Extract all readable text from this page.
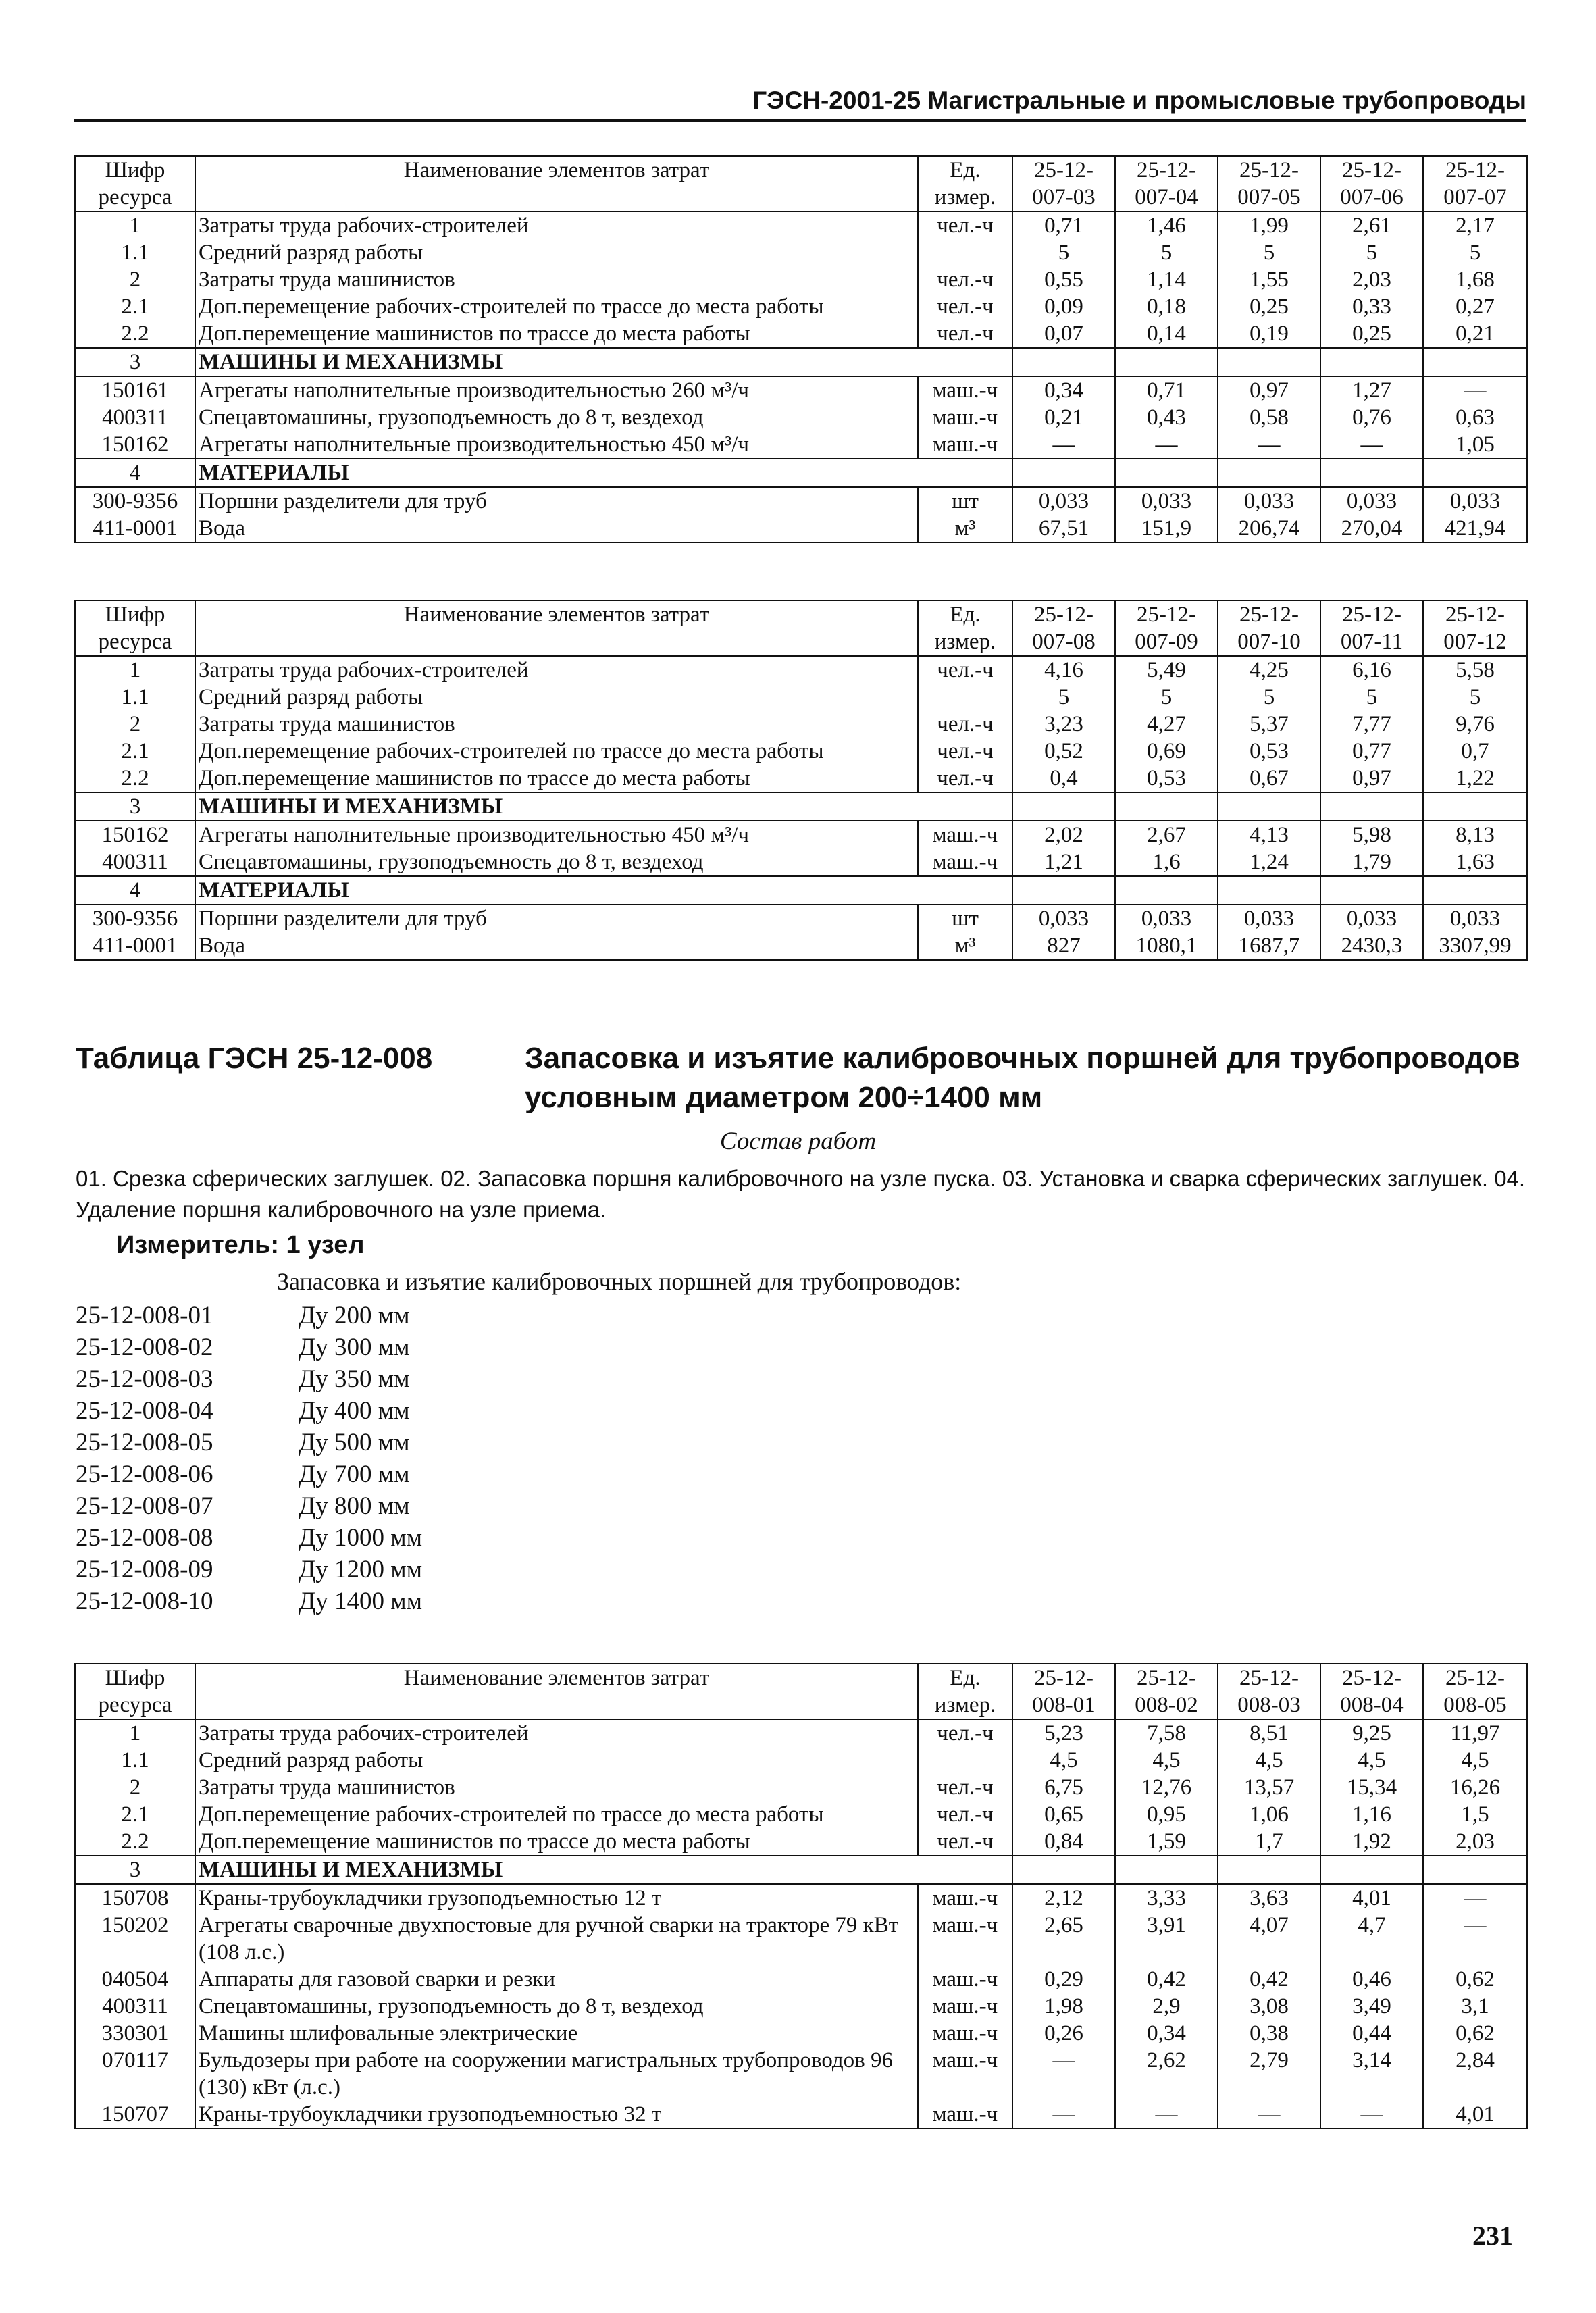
ГЭСН-2001-25 Магистральные и промысловые трубопроводы
Шифр ресурса	Наименование элементов затрат	Ед. измер.	25-12-007-03	25-12-007-04	25-12-007-05	25-12-007-06	25-12-007-07
1	Затраты труда рабочих-строителей	чел.-ч	0,71	1,46	1,99	2,61	2,17
1.1	Средний разряд работы		5	5	5	5	5
2	Затраты труда машинистов	чел.-ч	0,55	1,14	1,55	2,03	1,68
2.1	Доп.перемещение рабочих-строителей по трассе до места работы	чел.-ч	0,09	0,18	0,25	0,33	0,27
2.2	Доп.перемещение машинистов по трассе до места работы	чел.-ч	0,07	0,14	0,19	0,25	0,21
3	МАШИНЫ И МЕХАНИЗМЫ						
150161	Агрегаты наполнительные производительностью 260 м³/ч	маш.-ч	0,34	0,71	0,97	1,27	—
400311	Спецавтомашины, грузоподъемность до 8 т, вездеход	маш.-ч	0,21	0,43	0,58	0,76	0,63
150162	Агрегаты наполнительные производительностью 450 м³/ч	маш.-ч	—	—	—	—	1,05
4	МАТЕРИАЛЫ						
300-9356	Поршни разделители для труб	шт	0,033	0,033	0,033	0,033	0,033
411-0001	Вода	м³	67,51	151,9	206,74	270,04	421,94
Шифр ресурса	Наименование элементов затрат	Ед. измер.	25-12-007-08	25-12-007-09	25-12-007-10	25-12-007-11	25-12-007-12
1	Затраты труда рабочих-строителей	чел.-ч	4,16	5,49	4,25	6,16	5,58
1.1	Средний разряд работы		5	5	5	5	5
2	Затраты труда машинистов	чел.-ч	3,23	4,27	5,37	7,77	9,76
2.1	Доп.перемещение рабочих-строителей по трассе до места работы	чел.-ч	0,52	0,69	0,53	0,77	0,7
2.2	Доп.перемещение машинистов по трассе до места работы	чел.-ч	0,4	0,53	0,67	0,97	1,22
3	МАШИНЫ И МЕХАНИЗМЫ						
150162	Агрегаты наполнительные производительностью 450 м³/ч	маш.-ч	2,02	2,67	4,13	5,98	8,13
400311	Спецавтомашины, грузоподъемность до 8 т, вездеход	маш.-ч	1,21	1,6	1,24	1,79	1,63
4	МАТЕРИАЛЫ						
300-9356	Поршни разделители для труб	шт	0,033	0,033	0,033	0,033	0,033
411-0001	Вода	м³	827	1080,1	1687,7	2430,3	3307,99
Таблица ГЭСН 25-12-008	Запасовка и изъятие калибровочных поршней для трубопроводов условным диаметром 200÷1400 мм
Состав работ
01. Срезка сферических заглушек. 02. Запасовка поршня калибровочного на узле пуска. 03. Установка и сварка сферических заглушек. 04. Удаление поршня калибровочного на узле приема.
Измеритель: 1 узел
Запасовка и изъятие калибровочных поршней для трубопроводов:
25-12-008-01	Ду 200 мм
25-12-008-02	Ду 300 мм
25-12-008-03	Ду 350 мм
25-12-008-04	Ду 400 мм
25-12-008-05	Ду 500 мм
25-12-008-06	Ду 700 мм
25-12-008-07	Ду 800 мм
25-12-008-08	Ду 1000 мм
25-12-008-09	Ду 1200 мм
25-12-008-10	Ду 1400 мм
Шифр ресурса	Наименование элементов затрат	Ед. измер.	25-12-008-01	25-12-008-02	25-12-008-03	25-12-008-04	25-12-008-05
1	Затраты труда рабочих-строителей	чел.-ч	5,23	7,58	8,51	9,25	11,97
1.1	Средний разряд работы		4,5	4,5	4,5	4,5	4,5
2	Затраты труда машинистов	чел.-ч	6,75	12,76	13,57	15,34	16,26
2.1	Доп.перемещение рабочих-строителей по трассе до места работы	чел.-ч	0,65	0,95	1,06	1,16	1,5
2.2	Доп.перемещение машинистов по трассе до места работы	чел.-ч	0,84	1,59	1,7	1,92	2,03
3	МАШИНЫ И МЕХАНИЗМЫ						
150708	Краны-трубоукладчики грузоподъемностью 12 т	маш.-ч	2,12	3,33	3,63	4,01	—
150202	Агрегаты сварочные двухпостовые для ручной сварки на тракторе 79 кВт (108 л.с.)	маш.-ч	2,65	3,91	4,07	4,7	—
040504	Аппараты для газовой сварки и резки	маш.-ч	0,29	0,42	0,42	0,46	0,62
400311	Спецавтомашины, грузоподъемность до 8 т, вездеход	маш.-ч	1,98	2,9	3,08	3,49	3,1
330301	Машины шлифовальные электрические	маш.-ч	0,26	0,34	0,38	0,44	0,62
070117	Бульдозеры при работе на сооружении магистральных трубопроводов 96 (130) кВт (л.с.)	маш.-ч	—	2,62	2,79	3,14	2,84
150707	Краны-трубоукладчики грузоподъемностью 32 т	маш.-ч	—	—	—	—	4,01
231
